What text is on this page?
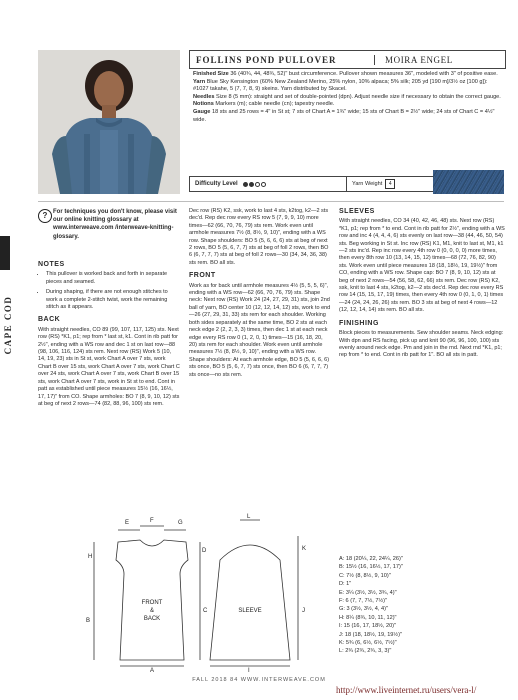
FOLLINS POND PULLOVER	MOIRA ENGEL

Finished Size 36 (40¾, 44, 48¾, 52)" bust circumference. Pullover shown measures 36", modeled with 3" of positive ease.

Yarn Blue Sky Kensington (60% New Zealand Merino, 25% nylon, 10% alpaca; 5% silk; 205 yd [190 m]/3½ oz [100 g]): #1027 takahe, 5 (7, 7, 8, 9) skeins. Yarn distributed by Skacel.

Needles Size 8 (5 mm): straight and set of double-pointed (dpn). Adjust needle size if necessary to obtain the correct gauge.

Notions Markers (m); cable needle (cn); tapestry needle.

Gauge 18 sts and 25 rows = 4" in St st; 7 sts of Chart A = 1¾" wide; 15 sts of Chart B = 2½" wide; 24 sts of Chart C = 4½" wide.

Difficulty Level	Yarn Weight	4
CAPE COD
? For techniques you don't know, please visit our online knitting glossary at www.interweave.com /interweave-knitting-glossary.
NOTES
• This pullover is worked back and forth in separate pieces and seamed.
• During shaping, if there are not enough stitches to work a complete 2-stitch twist, work the remaining stitch as it appears.
BACK

With straight needles, CO 89 (99, 107, 117, 125) sts. Next row (RS) *K1, p1; rep from * last st, k1. Cont in rib patt for 2½", ending with a WS row and dec 1 st on last row—88 (98, 106, 116, 124) sts rem. Next row (RS) Work 5 (10, 14, 19, 23) sts in St st, work Chart A over 7 sts, work Chart B over 15 sts, work Chart A over 7 sts, work Chart C over 24 sts, work Chart A over 7 sts, work Chart B over 15 sts, work Chart A over 7 sts, work in St st to end. Cont in patt as established until piece measures 15½ (16, 16½, 17, 17)" from CO. Shape armholes: BO 7 (8, 9, 10, 12) sts at beg of next 2 rows—74 (82, 88, 96, 100) sts rem.

Dec row (RS) K2, ssk, work to last 4 sts, k2tog, k2—2 sts dec'd. Rep dec row every RS row 5 (7, 9, 9, 10) more times—62 (66, 70, 76, 79) sts rem. Work even until armhole measures 7½ (8, 8½, 9, 10)", ending with a WS row. Shape shoulders: BO 5 (5, 6, 6, 6) sts at beg of next 2 rows, BO 5 (5, 6, 7, 7) sts at beg of foll 2 rows, then BO 6 (6, 7, 7, 7) sts at beg of foll 2 rows—30 (34, 34, 36, 38) sts rem. BO all sts.

FRONT

Work as for back until armhole measures 4½ (5, 5, 5, 6)", ending with a WS row—62 (66, 70, 76, 79) sts. Shape neck: Next row (RS) Work 24 (24, 27, 29, 31) sts, join 2nd ball of yarn, BO center 10 (12, 12, 14, 12) sts, work to end—26 (27, 29, 31, 33) sts rem for each shoulder. Working both sides separately at the same time, BO 2 sts at each neck edge 2 (2, 2, 3, 3) times, then dec 1 st at each neck edge every RS row 0 (1, 2, 0, 1) times—15 (16, 18, 20, 20) sts rem for each shoulder. Work even until armhole measures 7½ (8, 8½, 9, 10)", ending with a WS row. Shape shoulders: At each armhole edge, BO 5 (5, 6, 6, 6) sts once, BO 5 (5, 6, 7, 7) sts once, then BO 6 (6, 7, 7, 7) sts once—no sts rem.

SLEEVES

With straight needles, CO 34 (40, 42, 46, 48) sts. Next row (RS) *K1, p1; rep from * to end. Cont in rib patt for 2½", ending with a WS row and inc 4 (4, 4, 4, 6) sts evenly on last row—38 (44, 46, 50, 54) sts. Beg working in St st. Inc row (RS) K1, M1, knit to last st, M1, k1—2 sts inc'd. Rep inc row every 4th row 0 (0, 0, 0, 0) more times, then every 8th row 10 (13, 14, 15, 12) times—68 (72, 76, 82, 90) sts. Work even until piece measures 18 (18, 18½, 19, 19½)" from CO, ending with a WS row. Shape cap: BO 7 (8, 9, 10, 12) sts at beg of next 2 rows—54 (56, 58, 62, 66) sts rem. Dec row (RS) K2, ssk, knit to last 4 sts, k2tog, k2—2 sts dec'd. Rep dec row every RS row 14 (15, 15, 17, 19) times, then every 4th row 0 (0, 1, 0, 1) times—24 (24, 24, 26, 26) sts rem. BO 3 sts at beg of next 4 rows—12 (12, 12, 14, 14) sts rem. BO all sts.

FINISHING

Block pieces to measurements. Sew shoulder seams. Neck edging: With dpn and RS facing, pick up and knit 90 (96, 96, 100, 100) sts evenly around neck edge. Pm and join in the rnd. Next rnd *K1, p1; rep from * to end. Cont in rib patt for 1". BO all sts in patt.

FRONT
&
BACK
SLEEVE
E	F	G
H
D
A
B
C
L
K
J
I
A: 18 (20¼, 22, 24¼, 26)"
B: 15½ (16, 16½, 17, 17)"
C: 7½ (8, 8½, 9, 10)"
D: 1"
E: 3¼ (3½, 3½, 3¾, 4)"
F: 6 (7, 7, 7½, 7½)"
G: 3 (3½, 3½, 4, 4)"
H: 8¼ (8¾, 10, 11, 12)"
I: 15 (16, 17, 18½, 20)"
J: 18 (18, 18½, 19, 19½)"
K: 5¾ (6, 6½, 6½, 7½)"
L: 2¾ (2¾, 2¾, 3, 3)"
FALL 2018 84 WWW.INTERWEAVE.COM
http://www.liveinternet.ru/users/vera-l/
